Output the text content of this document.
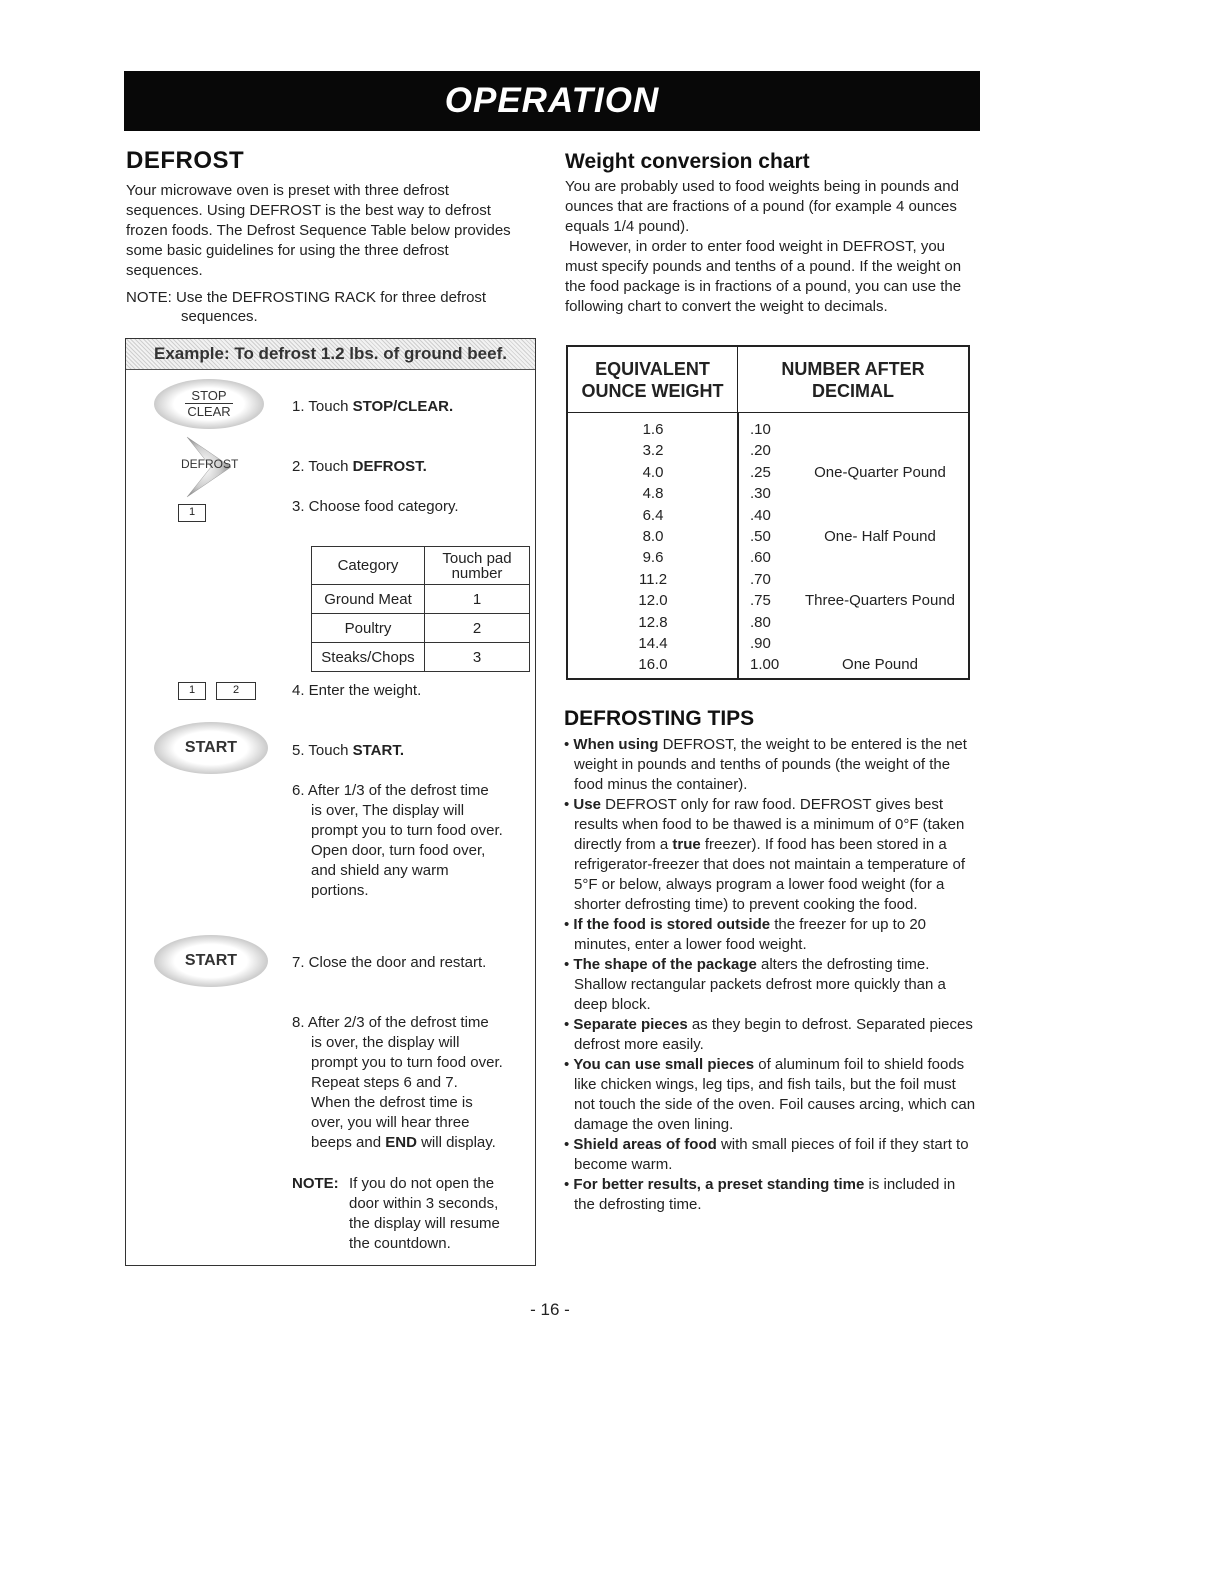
OPERATION
DEFROST

Your microwave oven is preset with three defrost sequences. Using DEFROST is the best way to defrost frozen foods. The Defrost Sequence Table below provides some basic guidelines for using the three defrost sequences.

NOTE: Use the DEFROSTING RACK for three defrost
sequences.

Example: To defrost 1.2 lbs. of ground beef.
STOP
CLEAR	1. Touch STOP/CLEAR.

DEFROST	2. Touch DEFROST.

1	3. Choose food category.

Category	Touch pad
number
Ground Meat	1
Poultry	2
Steaks/Chops	3
1	2	4. Enter the weight.

START	5. Touch START.

6. After 1/3 of the defrost time
is over, The display will
prompt you to turn food over.
Open door, turn food over,
and shield any warm
portions.

START	7. Close the door and restart.

8. After 2/3 of the defrost time
is over, the display will
prompt you to turn food over.
Repeat steps 6 and 7.
When the defrost time is
over, you will hear three
beeps and END will display.

NOTE: If you do not open the
door within 3 seconds,
the display will resume
the countdown.
Weight conversion chart
You are probably used to food weights being in pounds and ounces that are fractions of a pound (for example 4 ounces equals 1/4 pound).
However, in order to enter food weight in DEFROST, you must specify pounds and tenths of a pound. If the weight on the food package is in fractions of a pound, you can use the following chart to convert the weight to decimals.
EQUIVALENT
OUNCE WEIGHT
NUMBER AFTER
DECIMAL
1.6	.10
3.2	.20
4.0	.25	One-Quarter Pound
4.8	.30
6.4	.40
8.0	.50	One- Half Pound
9.6	.60
11.2	.70
12.0	.75	Three-Quarters Pound
12.8	.80
14.4	.90
16.0	1.00	One Pound
DEFROSTING TIPS
• When using DEFROST, the weight to be entered is the net weight in pounds and tenths of pounds (the weight of the food minus the container).
• Use DEFROST only for raw food. DEFROST gives best results when food to be thawed is a minimum of 0°F (taken directly from a true freezer). If food has been stored in a refrigerator-freezer that does not maintain a temperature of 5°F or below, always program a lower food weight (for a shorter defrosting time) to prevent cooking the food.
• If the food is stored outside the freezer for up to 20 minutes, enter a lower food weight.
• The shape of the package alters the defrosting time. Shallow rectangular packets defrost more quickly than a deep block.
• Separate pieces as they begin to defrost. Separated pieces defrost more easily.
• You can use small pieces of aluminum foil to shield foods like chicken wings, leg tips, and fish tails, but the foil must not touch the side of the oven. Foil causes arcing, which can damage the oven lining.
• Shield areas of food with small pieces of foil if they start to become warm.
• For better results, a preset standing time is included in the defrosting time.
- 16 -
